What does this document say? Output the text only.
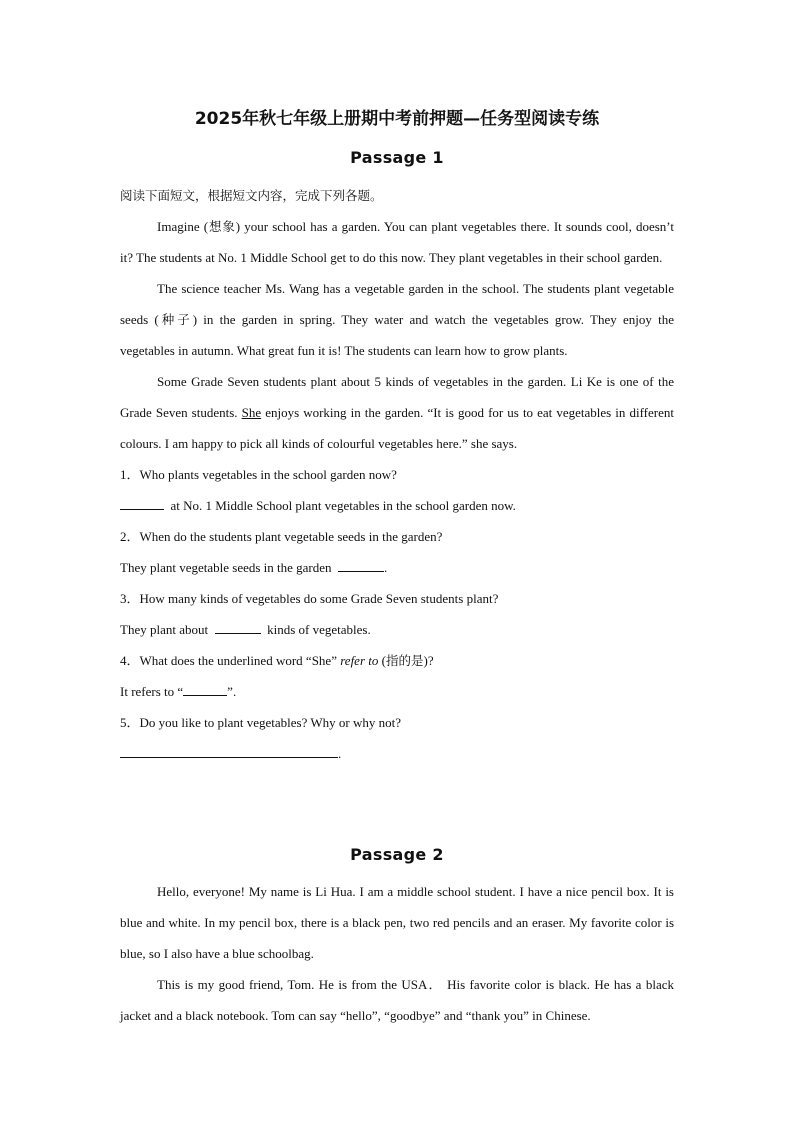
2025年秋七年级上册期中考前押题—任务型阅读专练
Passage 1

阅读下面短文，根据短文内容，完成下列各题。

Imagine (想象) your school has a garden. You can plant vegetables there. It sounds cool, doesn’t it? The students at No. 1 Middle School get to do this now. They plant vegetables in their school garden.

The science teacher Ms. Wang has a vegetable garden in the school. The students plant vegetable seeds (种子) in the garden in spring. They water and watch the vegetables grow. They enjoy the vegetables in autumn. What great fun it is! The students can learn how to grow plants.

Some Grade Seven students plant about 5 kinds of vegetables in the garden. Li Ke is one of the Grade Seven students. She enjoys working in the garden. “It is good for us to eat vegetables in different colours. I am happy to pick all kinds of colourful vegetables here.” she says.

1．Who plants vegetables in the school garden now?

at No. 1 Middle School plant vegetables in the school garden now.

2．When do the students plant vegetable seeds in the garden?

They plant vegetable seeds in the garden	.

3．How many kinds of vegetables do some Grade Seven students plant?

They plant about	kinds of vegetables.

4．What does the underlined word “She” refer to (指的是)?

It refers to “	”.

5．Do you like to plant vegetables? Why or why not?

.

Passage 2

Hello, everyone! My name is Li Hua. I am a middle school student. I have a nice pencil box. It is blue and white. In my pencil box, there is a black pen, two red pencils and an eraser. My favorite color is blue, so I also have a blue schoolbag.

This is my good friend, Tom. He is from the USA． His favorite color is black. He has a black jacket and a black notebook. Tom can say “hello”, “goodbye” and “thank you” in Chinese.
